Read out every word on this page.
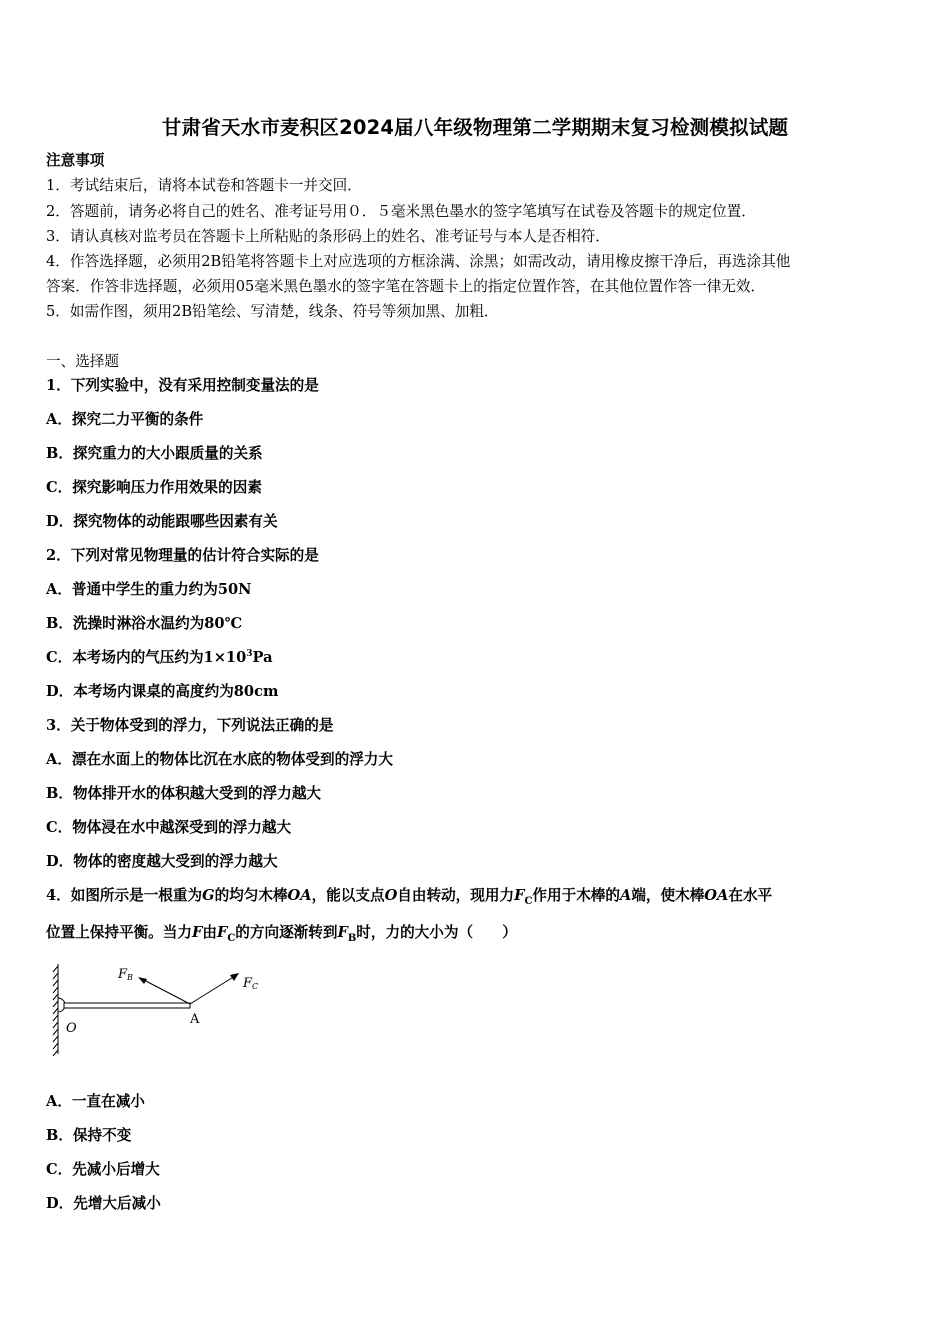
甘肃省天水市麦积区2024届八年级物理第二学期期末复习检测模拟试题
注意事项
1．考试结束后，请将本试卷和答题卡一并交回．
2．答题前，请务必将自己的姓名、准考证号用０．５毫米黑色墨水的签字笔填写在试卷及答题卡的规定位置．
3．请认真核对监考员在答题卡上所粘贴的条形码上的姓名、准考证号与本人是否相符．
4．作答选择题，必须用2B铅笔将答题卡上对应选项的方框涂满、涂黑；如需改动，请用橡皮擦干净后，再选涂其他
答案．作答非选择题，必须用05毫米黑色墨水的签字笔在答题卡上的指定位置作答，在其他位置作答一律无效．
5．如需作图，须用2B铅笔绘、写清楚，线条、符号等须加黑、加粗．
一、选择题
1．下列实验中，没有采用控制变量法的是
A．探究二力平衡的条件
B．探究重力的大小跟质量的关系
C．探究影响压力作用效果的因素
D．探究物体的动能跟哪些因素有关
2．下列对常见物理量的估计符合实际的是
A．普通中学生的重力约为50N
B．洗操时淋浴水温约为80℃
C．本考场内的气压约为$1\times 10^3Pa$
D．本考场内课桌的高度约为80cm
3．关于物体受到的浮力，下列说法正确的是
A．漂在水面上的物体比沉在水底的物体受到的浮力大
B．物体排开水的体积越大受到的浮力越大
C．物体浸在水中越深受到的浮力越大
D．物体的密度越大受到的浮力越大
4．如图所示是一根重为G的均匀木棒OA，能以支点O自由转动，现用力$F_C$作用于木棒的A端，使木棒OA在水平
位置上保持平衡。当力F由$F_C$的方向逐渐转到$F_B$时，力的大小为（　　）
FB	FC
A
O
A．一直在减小
B．保持不变
C．先减小后增大
D．先增大后减小
